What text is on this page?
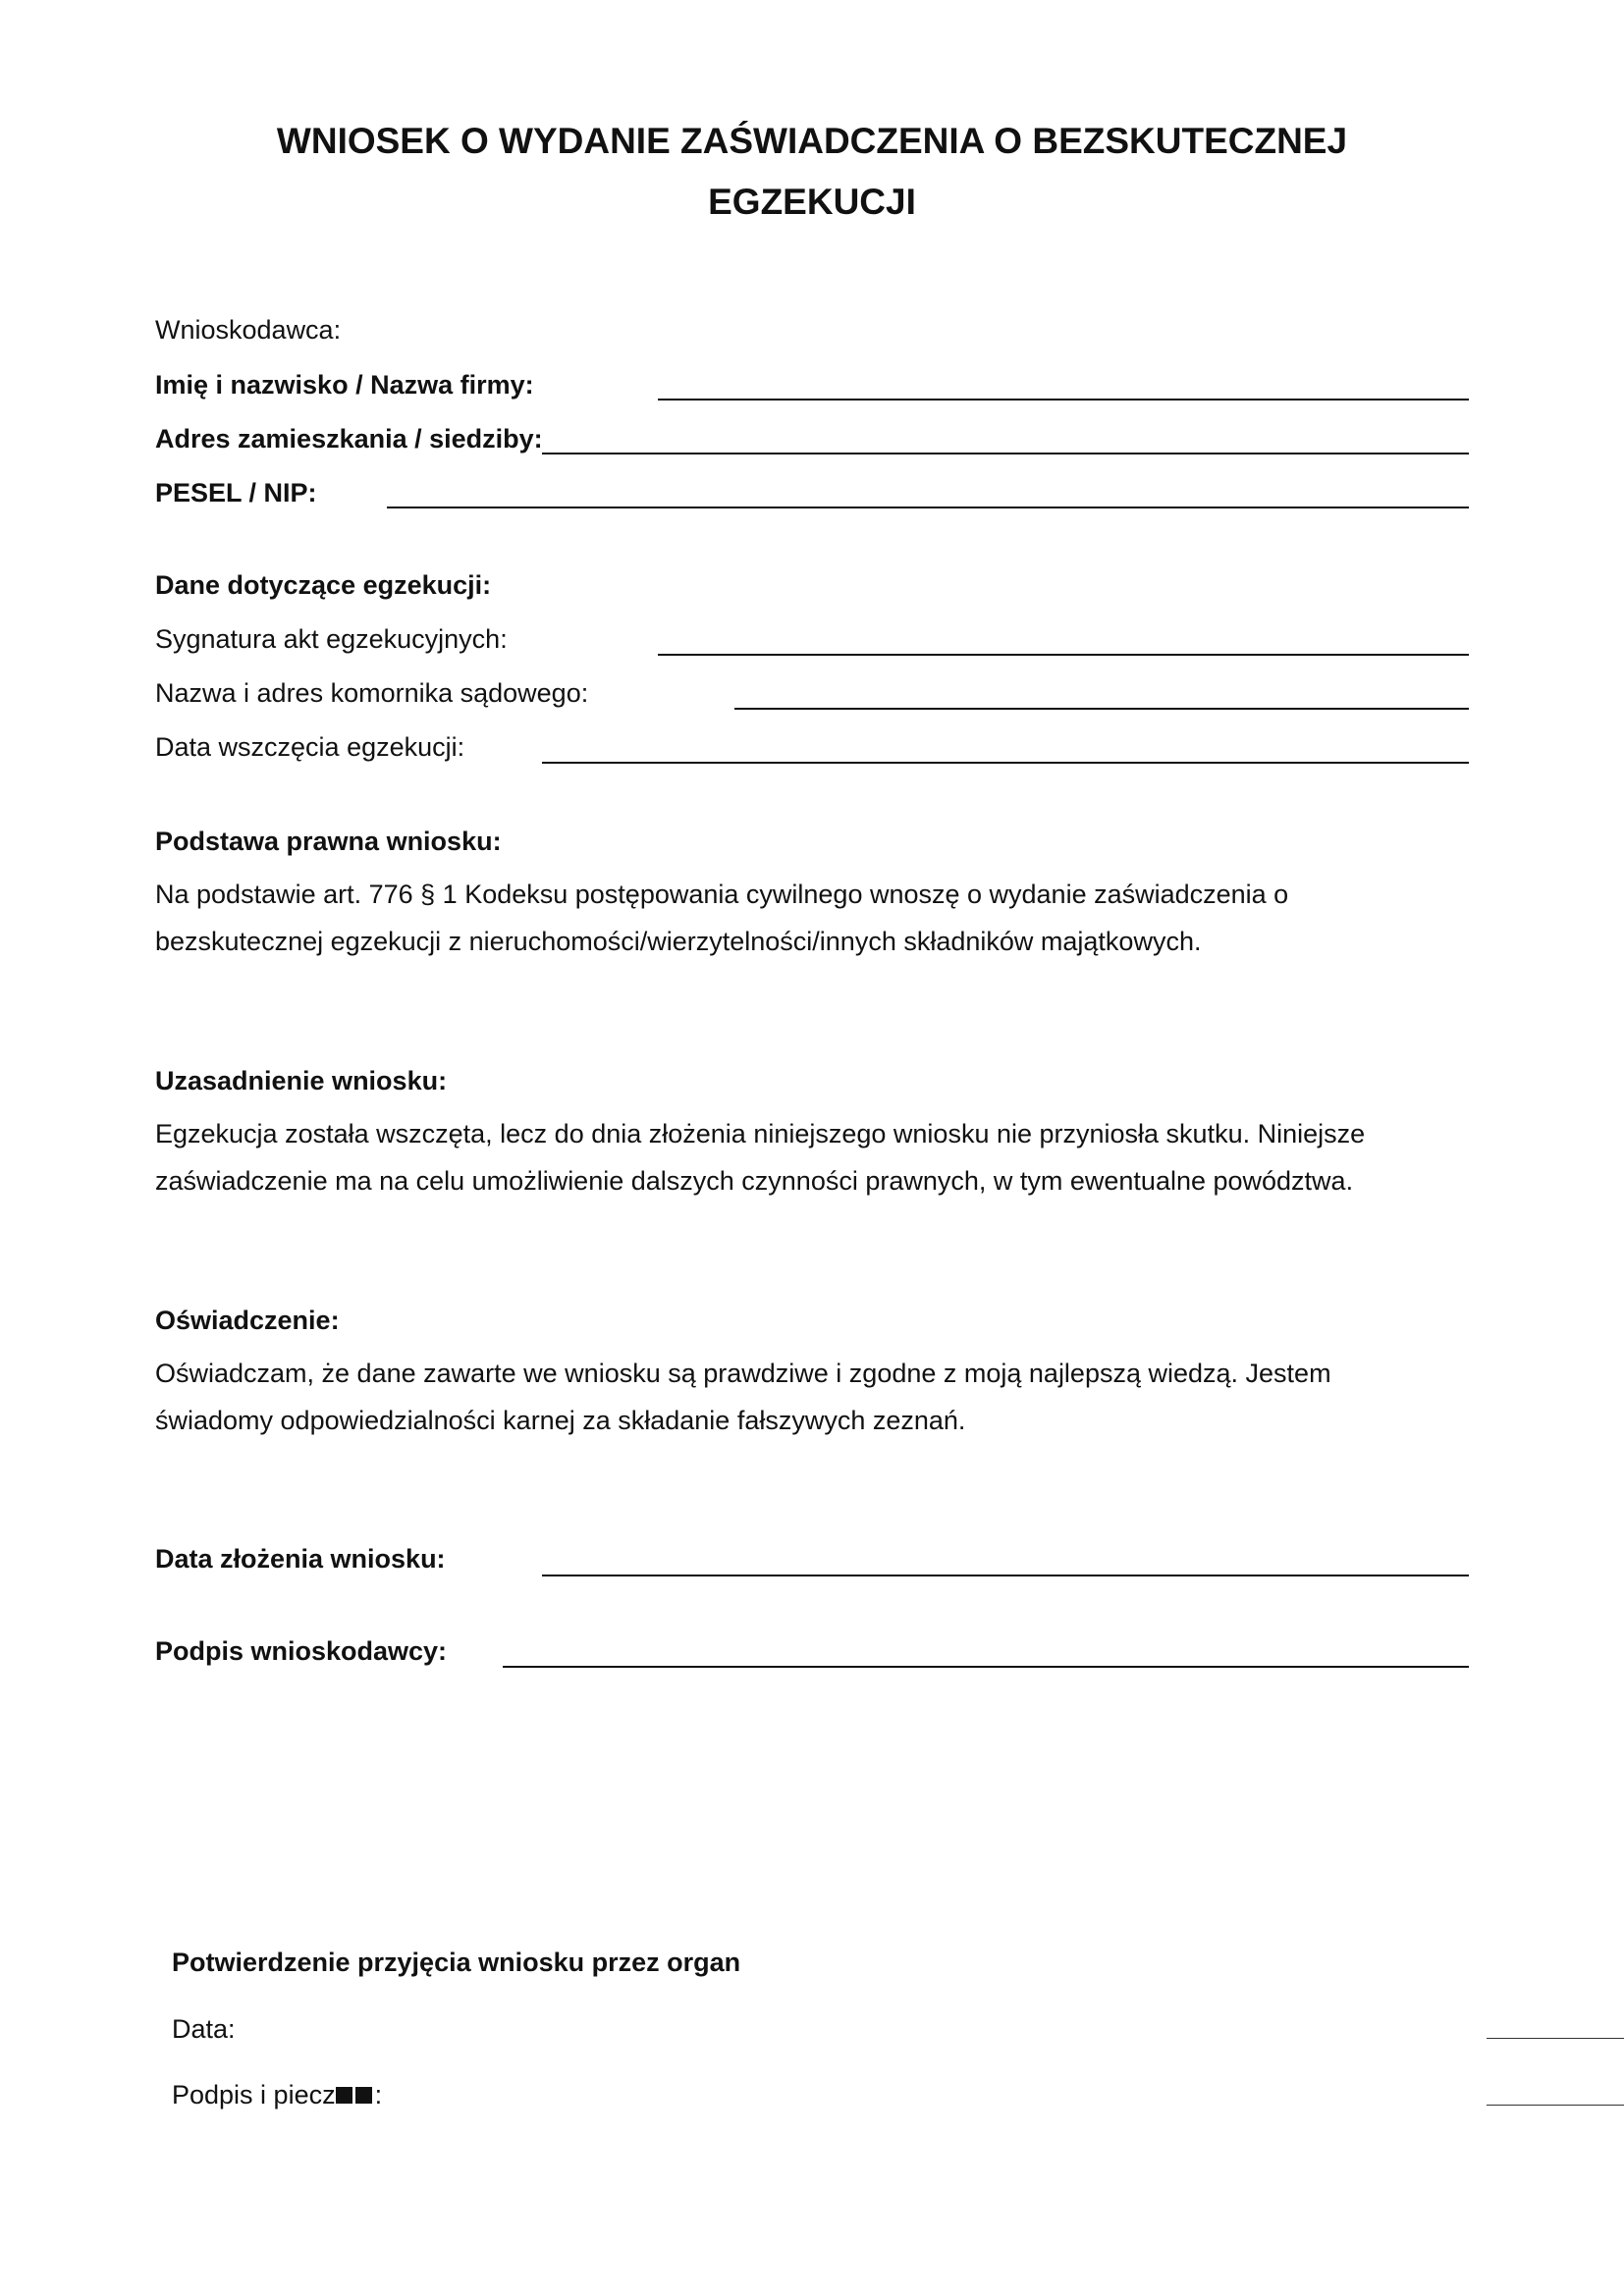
WNIOSEK O WYDANIE ZAŚWIADCZENIA O BEZSKUTECZNEJ
EGZEKUCJI
Wnioskodawca:
Imię i nazwisko / Nazwa firmy:
Adres zamieszkania / siedziby:
PESEL / NIP:
Dane dotyczące egzekucji:
Sygnatura akt egzekucyjnych:
Nazwa i adres komornika sądowego:
Data wszczęcia egzekucji:
Podstawa prawna wniosku:
Na podstawie art. 776 § 1 Kodeksu postępowania cywilnego wnoszę o wydanie zaświadczenia o
bezskutecznej egzekucji z nieruchomości/wierzytelności/innych składników majątkowych.
Uzasadnienie wniosku:
Egzekucja została wszczęta, lecz do dnia złożenia niniejszego wniosku nie przyniosła skutku. Niniejsze
zaświadczenie ma na celu umożliwienie dalszych czynności prawnych, w tym ewentualne powództwa.
Oświadczenie:
Oświadczam, że dane zawarte we wniosku są prawdziwe i zgodne z moją najlepszą wiedzą. Jestem
świadomy odpowiedzialności karnej za składanie fałszywych zeznań.
Data złożenia wniosku:
Podpis wnioskodawcy:
Potwierdzenie przyjęcia wniosku przez organ
Data:
Podpis i piecz :
